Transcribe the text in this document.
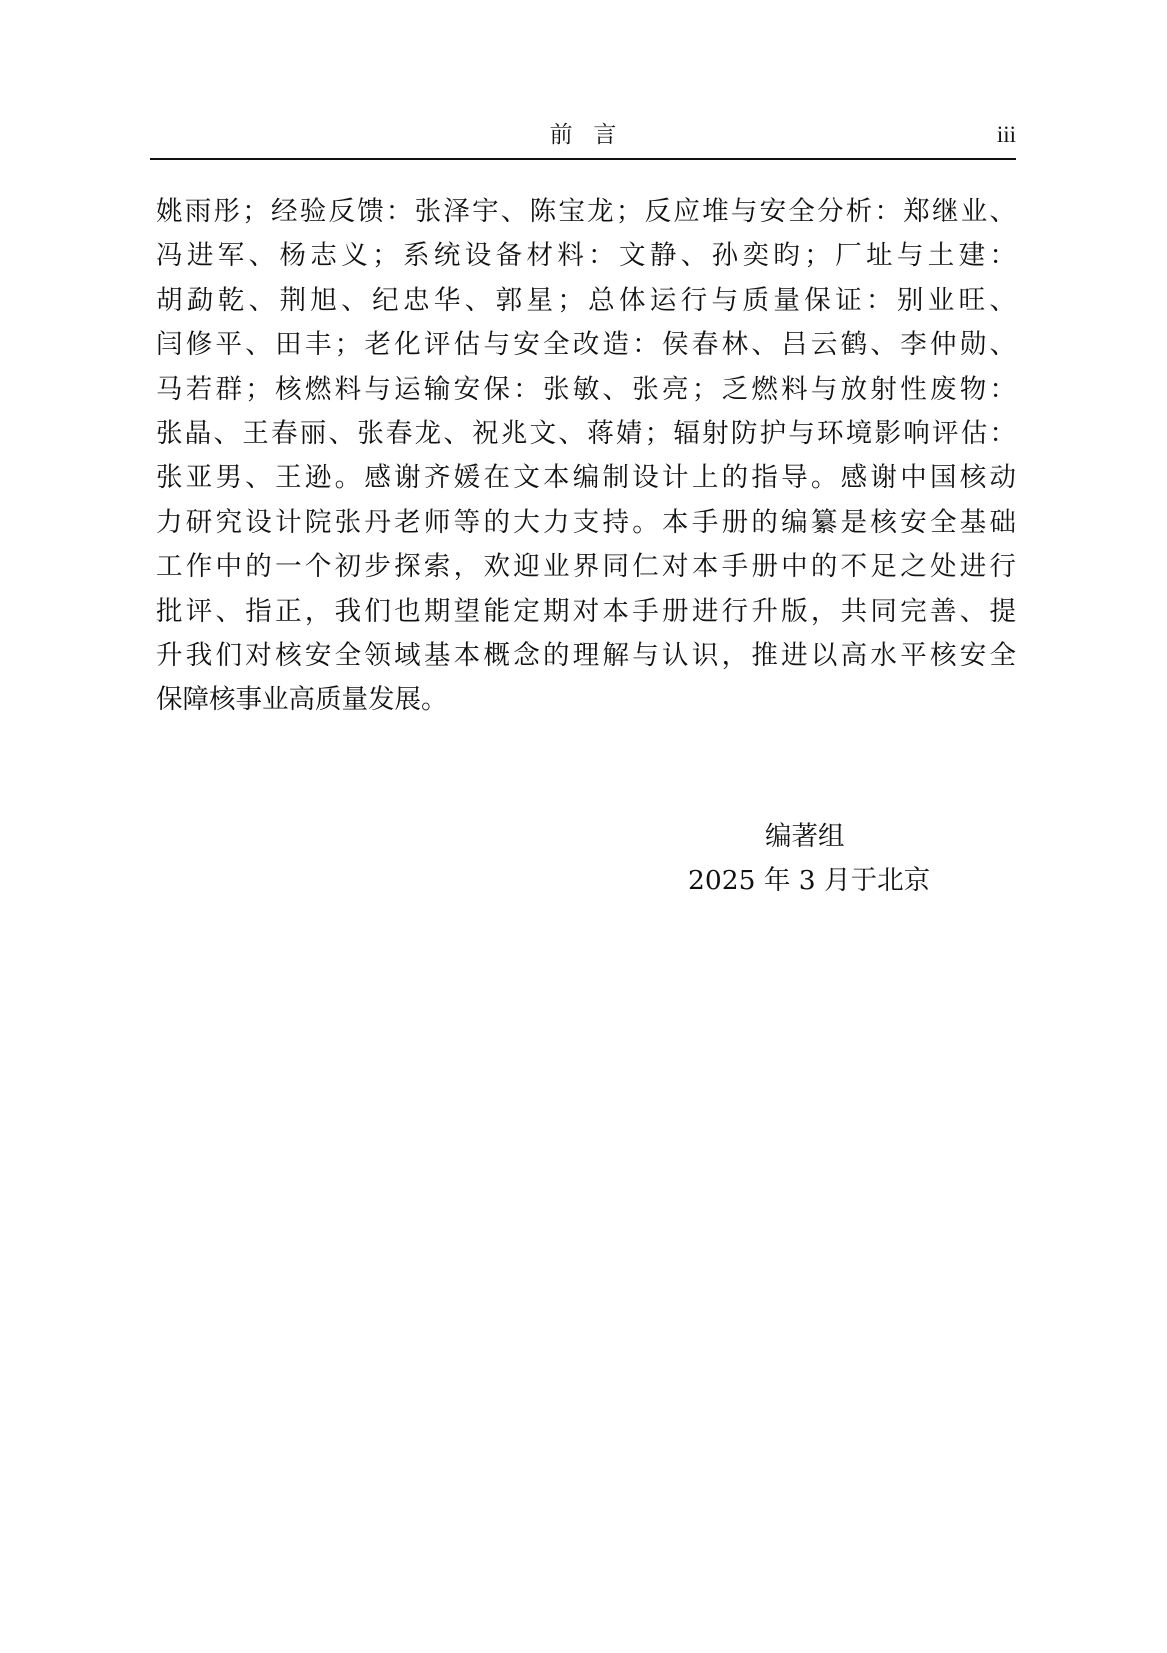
前言	iii
姚雨彤；经验反馈：张泽宇、陈宝龙；反应堆与安全分析：郑继业、
冯进军、杨志义；系统设备材料：文静、孙奕昀；厂址与土建：
胡勐乾、荆旭、纪忠华、郭星；总体运行与质量保证：别业旺、
闫修平、田丰；老化评估与安全改造：侯春林、吕云鹤、李仲勋、
马若群；核燃料与运输安保：张敏、张亮；乏燃料与放射性废物：
张晶、王春丽、张春龙、祝兆文、蒋婧；辐射防护与环境影响评估：
张亚男、王逊。感谢齐媛在文本编制设计上的指导。感谢中国核动
力研究设计院张丹老师等的大力支持。本手册的编纂是核安全基础
工作中的一个初步探索，欢迎业界同仁对本手册中的不足之处进行
批评、指正，我们也期望能定期对本手册进行升版，共同完善、提
升我们对核安全领域基本概念的理解与认识，推进以高水平核安全
保障核事业高质量发展。
编著组
2025 年 3 月于北京
